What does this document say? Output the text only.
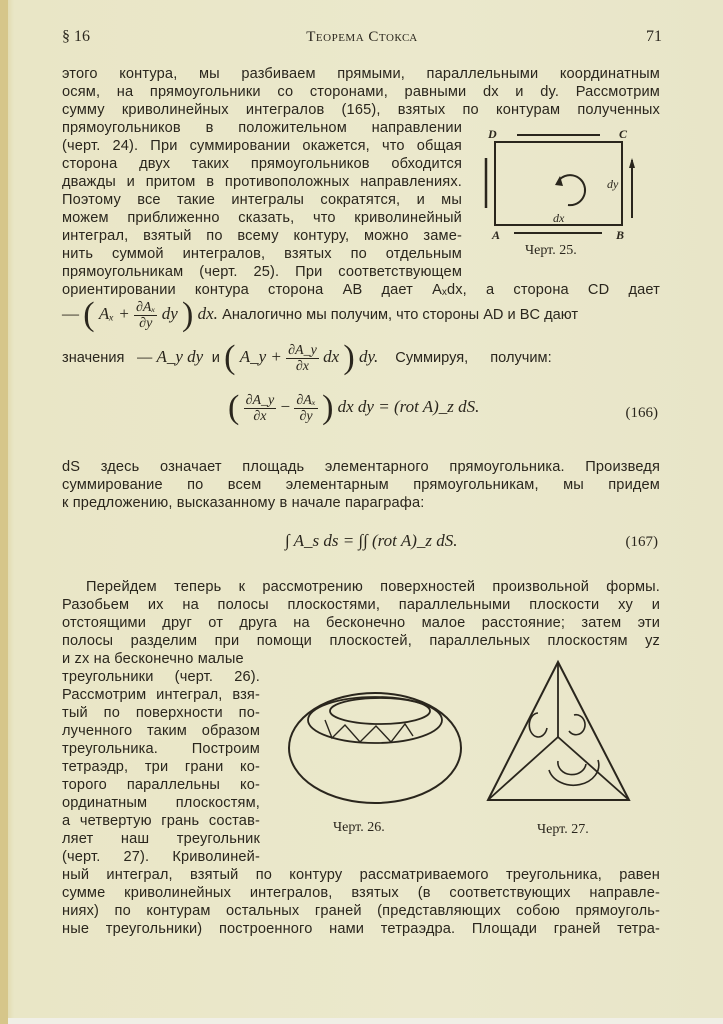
§ 16	Теорема Стокса	71
этого контура, мы разбиваем прямыми, параллельными координатным
осям, на прямоугольники со сторонами, равными dx и dy. Рассмотрим
сумму криволинейных интегралов (165), взятых по контурам полученных
прямоугольников в положительном направлении
(черт. 24). При суммировании окажется, что общая
сторона двух таких прямоугольников обходится
дважды и притом в противоположных направлениях.
Поэтому все такие интегралы сократятся, и мы
можем приближенно сказать, что криволинейный
интеграл, взятый по всему контуру, можно заме-
нить суммой интегралов, взятых по отдельным
прямоугольникам (черт. 25). При соответствующем
ориентировании контура сторона AB дает Aₓdx, а сторона CD дает
D	C
A	B
dx
dy
Черт. 25.
— ( $A_x + \frac{\text{∂Aₓ}}{\partial y}$ dy ) dx. Аналогично мы получим, что стороны AD и BC дают
значения — A_y dy и ( A_y + $\frac{\partial A\_y}{\partial x}$ dx ) dy. Суммируя, получим:
( $\frac{\partial A\_y}{\partial x} - \frac{\text{∂Aₓ}}{\partial y}$ ) dx dy = (rot A)_z dS.	(166)
dS здесь означает площадь элементарного прямоугольника. Произведя
суммирование по всем элементарным прямоугольникам, мы придем
к предложению, высказанному в начале параграфа:
∫ A_s ds = ∫∫ (rot A)_z dS.	(167)
Перейдем теперь к рассмотрению поверхностей произвольной формы.
Разобьем их на полосы плоскостями, параллельными плоскости xy и
отстоящими друг от друга на бесконечно малое расстояние; затем эти
полосы разделим при помощи плоскостей, параллельных плоскостям yz
и zx на бесконечно малые
треугольники (черт. 26).
Рассмотрим интеграл, взя-
тый по поверхности по-
лученного таким образом
треугольника. Построим
тетраэдр, три грани ко-
торого параллельны ко-
ординатным плоскостям,
а четвертую грань состав-
ляет наш треугольник
(черт. 27). Криволиней-
ный интеграл, взятый по контуру рассматриваемого треугольника, равен
сумме криволинейных интегралов, взятых (в соответствующих направле-
ниях) по контурам остальных граней (представляющих собою прямоуголь-
ные треугольники) построенного нами тетраэдра. Площади граней тетра-
Черт. 26.	Черт. 27.
